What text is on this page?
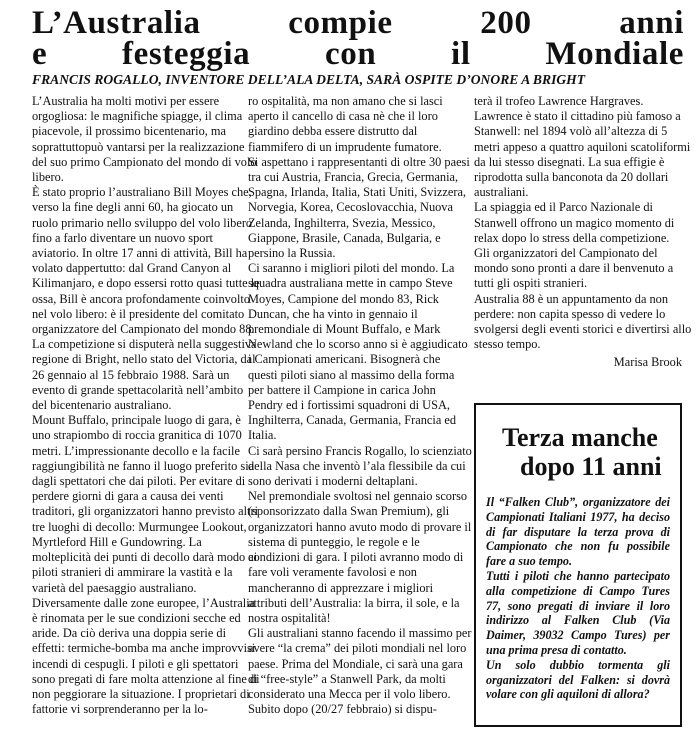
L’Australia compie 200 anni

e festeggia con il Mondiale

FRANCIS ROGALLO, INVENTORE DELL’ALA DELTA, SARÀ OSPITE D’ONORE A BRIGHT

L’Australia ha molti motivi per essere orgogliosa: le magnifiche spiagge, il clima piacevole, il prossimo bicentenario, ma soprattuttopuò vantarsi per la realizzazione del suo primo Campionato del mondo di volo libero.

È stato proprio l’australiano Bill Moyes che, verso la fine degli anni 60, ha giocato un ruolo primario nello sviluppo del volo libero fino a farlo diventare un nuovo sport aviatorio. In oltre 17 anni di attività, Bill ha volato dappertutto: dal Grand Canyon al Kilimanjaro, e dopo essersi rotto quasi tutte le ossa, Bill è ancora profondamente coinvolto nel volo libero: è il presidente del comitato organizzatore del Campionato del mondo 88.

La competizione si disputerà nella suggestiva regione di Bright, nello stato del Victoria, dal 26 gennaio al 15 febbraio 1988. Sarà un evento di grande spettacolarità nell’ambito del bicentenario australiano.

Mount Buffalo, principale luogo di gara, è uno strapiombo di roccia granitica di 1070 metri. L’impressionante decollo e la facile raggiungibilità ne fanno il luogo preferito sia dagli spettatori che dai piloti. Per evitare di perdere giorni di gara a causa dei venti traditori, gli organizzatori hanno previsto altri tre luoghi di decollo: Murmungee Lookout, Myrtleford Hill e Gundowring. La molteplicità dei punti di decollo darà modo ai piloti stranieri di ammirare la vastità e la varietà del paesaggio australiano. Diversamente dalle zone europee, l’Australia è rinomata per le sue condizioni secche ed aride. Da ciò deriva una doppia serie di effetti: termiche-bomba ma anche improvvisi incendi di cespugli. I piloti e gli spettatori sono pregati di fare molta attenzione al fine di non peggiorare la situazione. I proprietari di fattorie vi sorprenderanno per la lo-

ro ospitalità, ma non amano che si lasci aperto il cancello di casa nè che il loro giardino debba essere distrutto dal fiammifero di un imprudente fumatore.

Si aspettano i rappresentanti di oltre 30 paesi tra cui Austria, Francia, Grecia, Germania, Spagna, Irlanda, Italia, Stati Uniti, Svizzera, Norvegia, Korea, Cecoslovacchia, Nuova Zelanda, Inghilterra, Svezia, Messico, Giappone, Brasile, Canada, Bulgaria, e persino la Russia.

Ci saranno i migliori piloti del mondo. La squadra australiana mette in campo Steve Moyes, Campione del mondo 83, Rick Duncan, che ha vinto in gennaio il premondiale di Mount Buffalo, e Mark Newland che lo scorso anno si è aggiudicato i Campionati americani. Bisognerà che questi piloti siano al massimo della forma per battere il Campione in carica John Pendry ed i fortissimi squadroni di USA, Inghilterra, Canada, Germania, Francia ed Italia.

Ci sarà persino Francis Rogallo, lo scienziato della Nasa che inventò l’ala flessibile da cui sono derivati i moderni deltaplani.

Nel premondiale svoltosi nel gennaio scorso (sponsorizzato dalla Swan Premium), gli organizzatori hanno avuto modo di provare il sistema di punteggio, le regole e le condizioni di gara. I piloti avranno modo di fare voli veramente favolosi e non mancheranno di apprezzare i migliori attributi dell’Australia: la birra, il sole, e la nostra ospitalità!

Gli australiani stanno facendo il massimo per avere “la crema” dei piloti mondiali nel loro paese. Prima del Mondiale, ci sarà una gara di “free-style” a Stanwell Park, da molti considerato una Mecca per il volo libero. Subito dopo (20/27 febbraio) si dispu-

terà il trofeo Lawrence Hargraves. Lawrence è stato il cittadino più famoso a Stanwell: nel 1894 volò all’altezza di 5 metri appeso a quattro aquiloni scatoliformi da lui stesso disegnati. La sua effigie è riprodotta sulla banconota da 20 dollari australiani.

La spiaggia ed il Parco Nazionale di Stanwell offrono un magico momento di relax dopo lo stress della competizione.

Gli organizzatori del Campionato del mondo sono pronti a dare il benvenuto a tutti gli ospiti stranieri.

Australia 88 è un appuntamento da non perdere: non capita spesso di vedere lo svolgersi degli eventi storici e divertirsi allo stesso tempo.

Marisa Brook

Terza manche

dopo 11 anni

Il “Falken Club”, organizzatore dei Campionati Italiani 1977, ha deciso di far disputare la terza prova di Campionato che non fu possibile fare a suo tempo.
Tutti i piloti che hanno partecipato alla competizione di Campo Tures 77, sono pregati di inviare il loro indirizzo al Falken Club (Via Daimer, 39032 Campo Tures) per una prima presa di contatto.
Un solo dubbio tormenta gli organizzatori del Falken: si dovrà volare con gli aquiloni di allora?
